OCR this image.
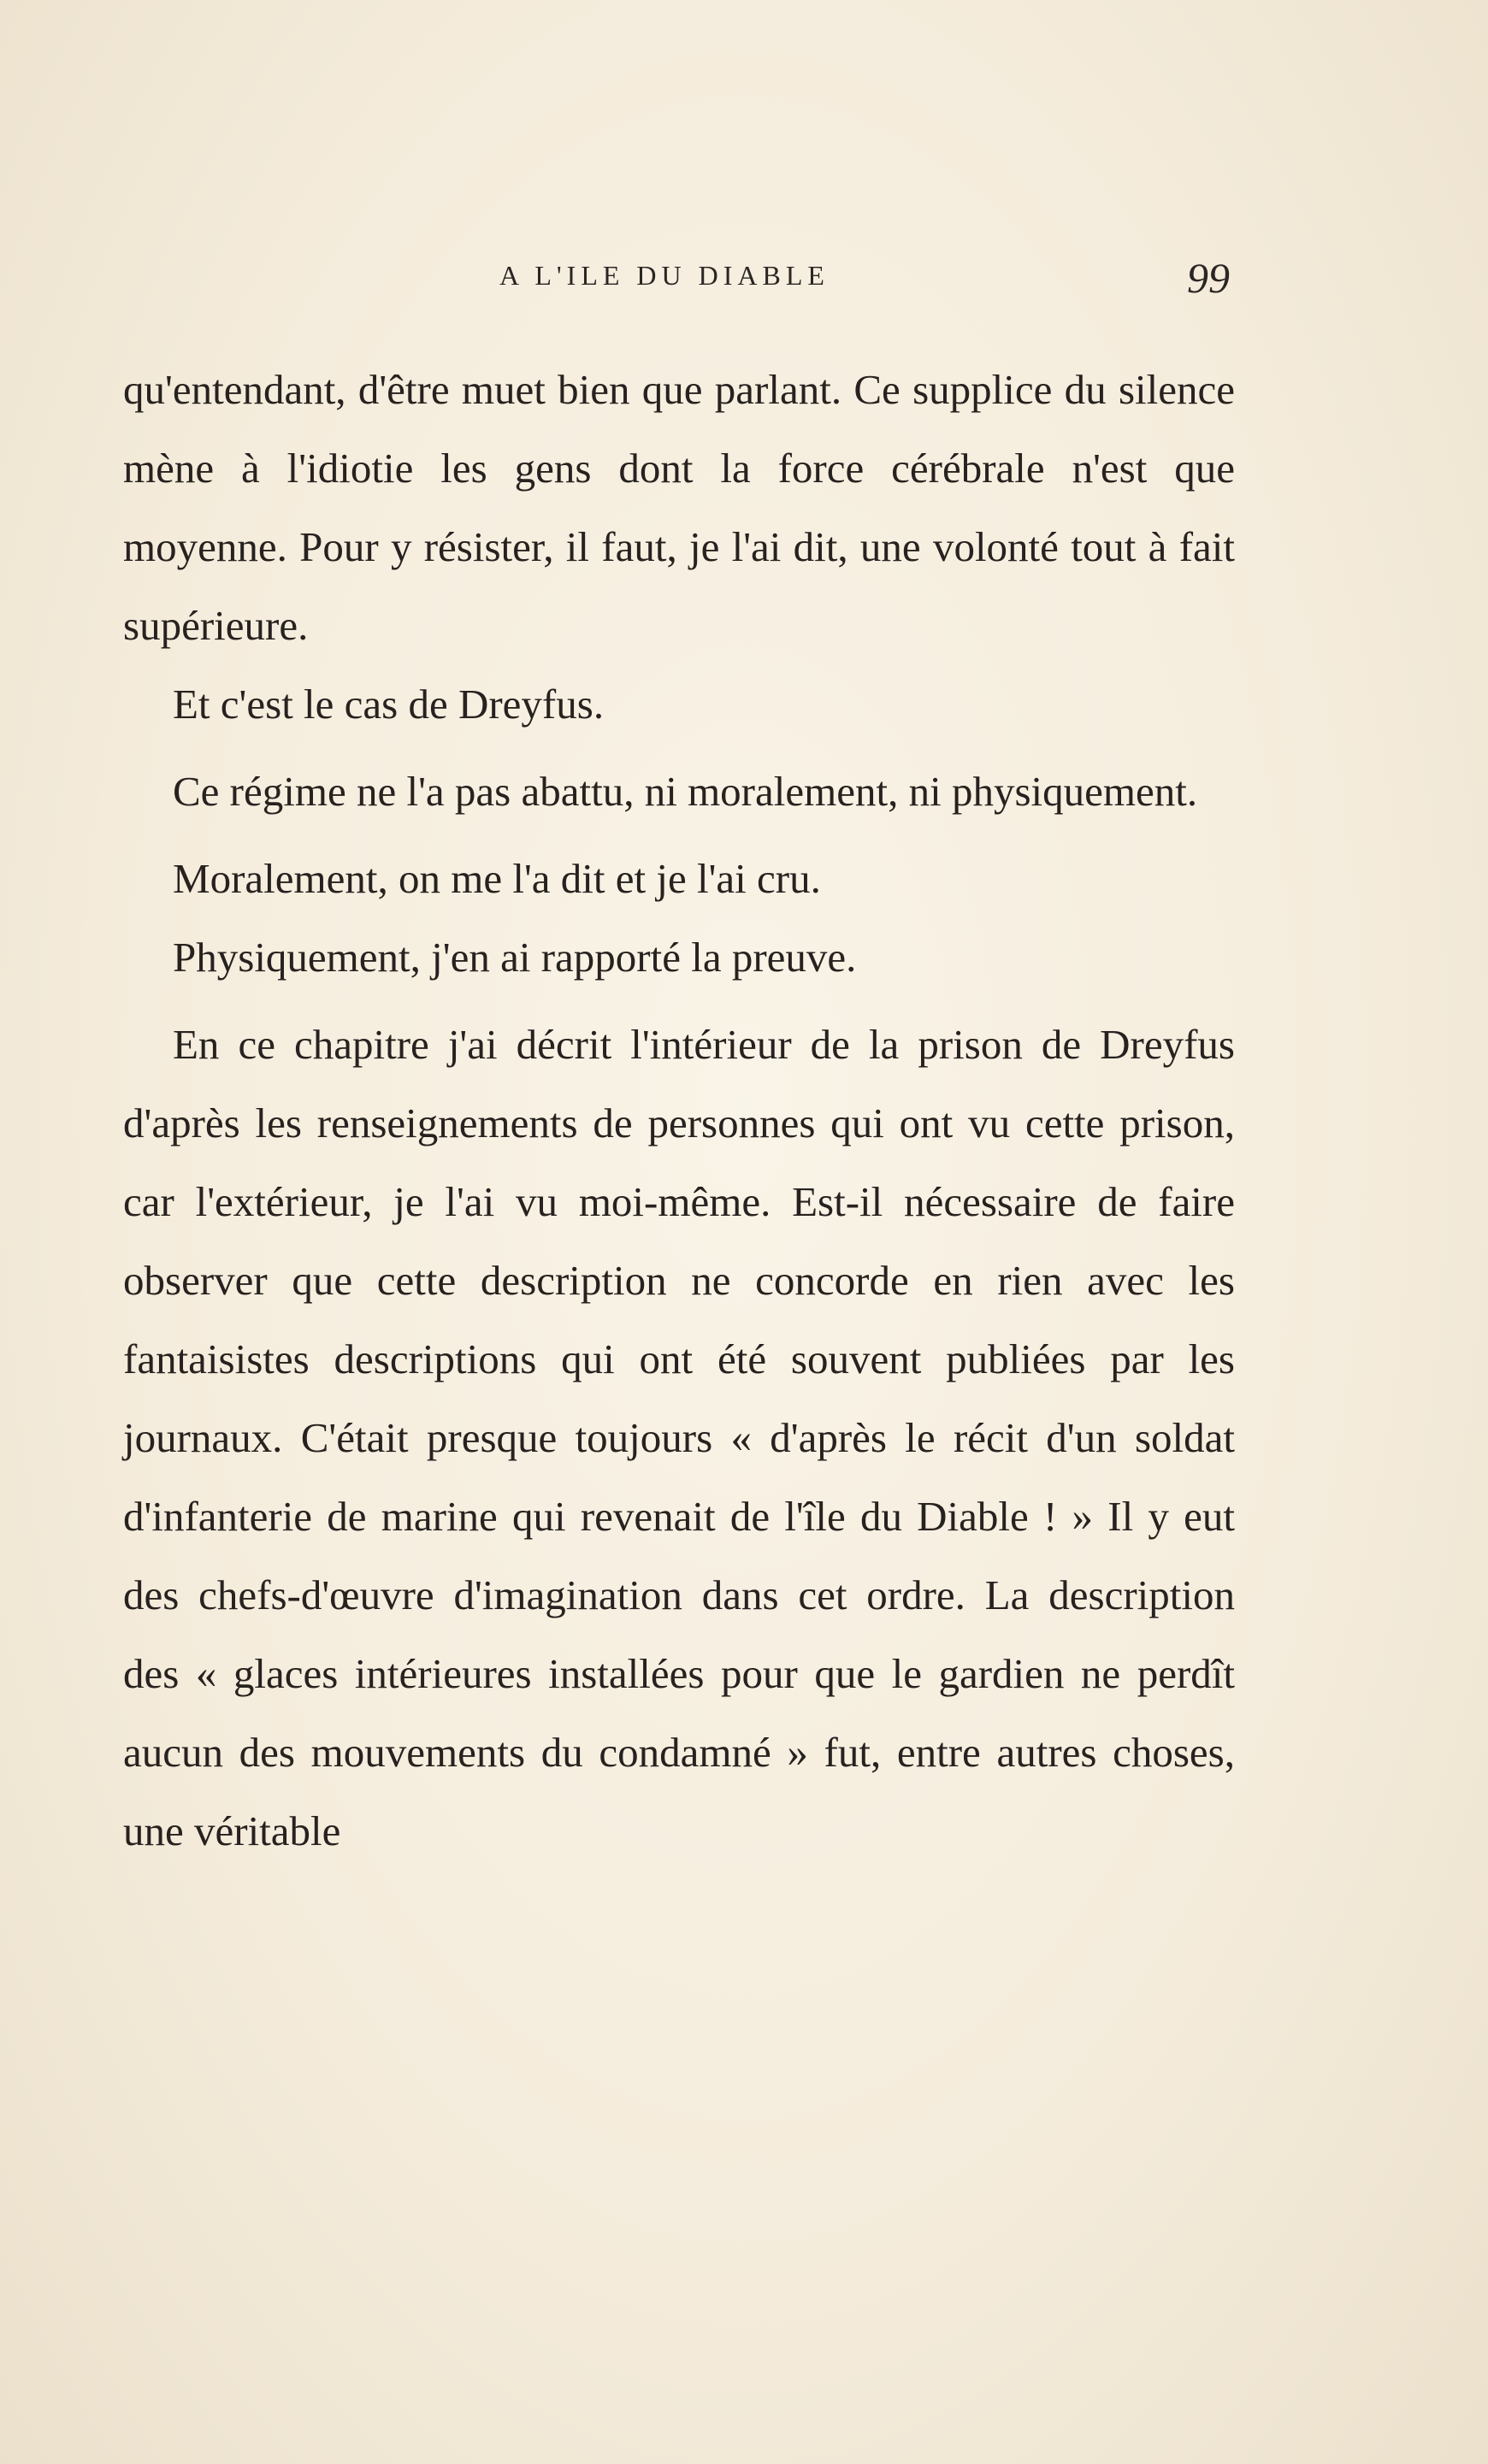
A L'ILE DU DIABLE	99

qu'entendant, d'être muet bien que parlant. Ce supplice du silence mène à l'idiotie les gens dont la force cérébrale n'est que moyenne. Pour y résister, il faut, je l'ai dit, une volonté tout à fait supérieure.

Et c'est le cas de Dreyfus.

Ce régime ne l'a pas abattu, ni moralement, ni physiquement.

Moralement, on me l'a dit et je l'ai cru.

Physiquement, j'en ai rapporté la preuve.

En ce chapitre j'ai décrit l'intérieur de la prison de Dreyfus d'après les renseignements de personnes qui ont vu cette prison, car l'extérieur, je l'ai vu moi-même. Est-il nécessaire de faire observer que cette description ne concorde en rien avec les fantaisistes descriptions qui ont été souvent publiées par les journaux. C'était presque toujours « d'après le récit d'un soldat d'infanterie de marine qui revenait de l'île du Diable ! » Il y eut des chefs-d'œuvre d'imagination dans cet ordre. La description des « glaces intérieures installées pour que le gardien ne perdît aucun des mouvements du condamné » fut, entre autres choses, une véritable
